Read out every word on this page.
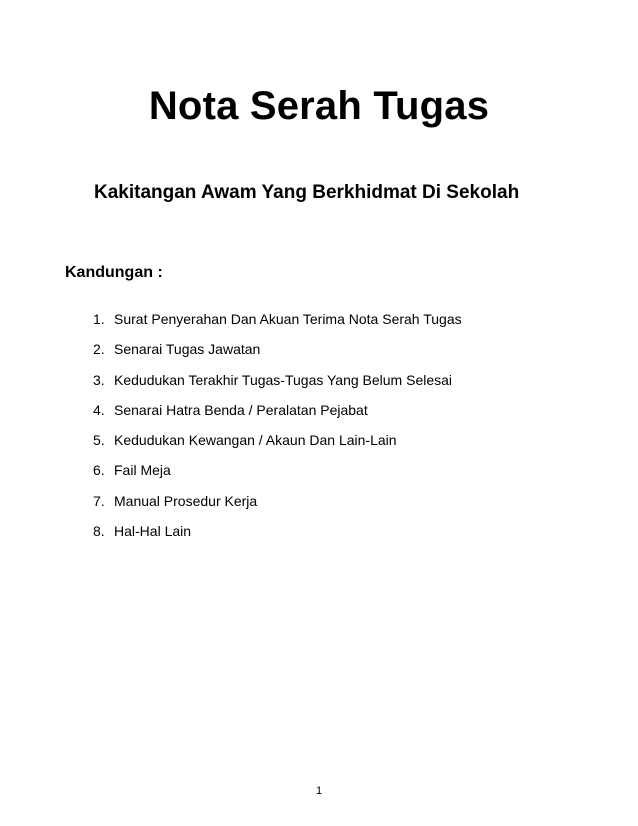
Nota Serah Tugas
Kakitangan Awam Yang Berkhidmat Di Sekolah
Kandungan :
1. Surat Penyerahan Dan Akuan Terima Nota Serah Tugas
2. Senarai Tugas Jawatan
3. Kedudukan Terakhir Tugas-Tugas Yang Belum Selesai
4. Senarai Hatra Benda / Peralatan Pejabat
5. Kedudukan Kewangan / Akaun Dan Lain-Lain
6. Fail Meja
7. Manual Prosedur Kerja
8. Hal-Hal Lain
1
